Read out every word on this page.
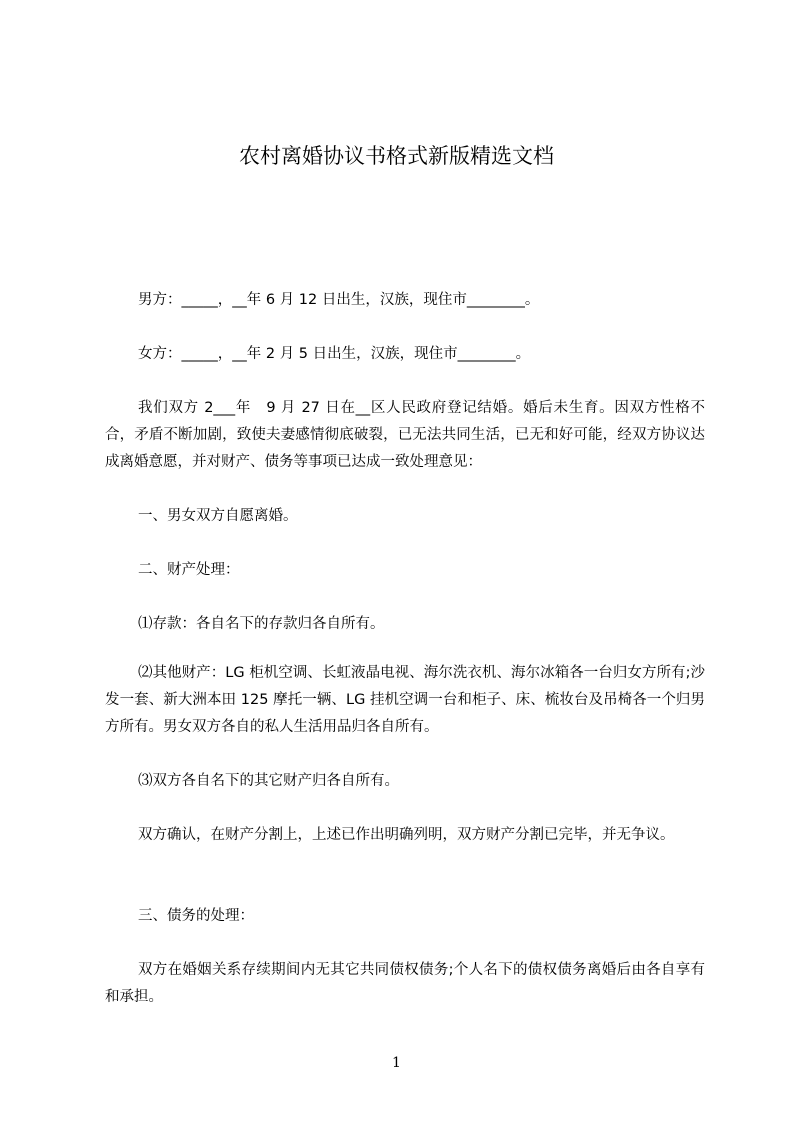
农村离婚协议书格式新版精选文档

男方：_____，__年 6 月 12 日出生，汉族，现住市________。

女方：_____，__年 2 月 5 日出生，汉族，现住市________。

我们双方 2___年　9 月 27 日在__区人民政府登记结婚。婚后未生育。因双方性格不合，矛盾不断加剧，致使夫妻感情彻底破裂，已无法共同生活，已无和好可能，经双方协议达成离婚意愿，并对财产、债务等事项已达成一致处理意见：

一、男女双方自愿离婚。

二、财产处理：

⑴存款：各自名下的存款归各自所有。

⑵其他财产：LG 柜机空调、长虹液晶电视、海尔洗衣机、海尔冰箱各一台归女方所有;沙发一套、新大洲本田 125 摩托一辆、LG 挂机空调一台和柜子、床、梳妆台及吊椅各一个归男方所有。男女双方各自的私人生活用品归各自所有。

⑶双方各自名下的其它财产归各自所有。

双方确认，在财产分割上，上述已作出明确列明，双方财产分割已完毕，并无争议。

三、债务的处理：

双方在婚姻关系存续期间内无其它共同债权债务;个人名下的债权债务离婚后由各自享有和承担。

1
